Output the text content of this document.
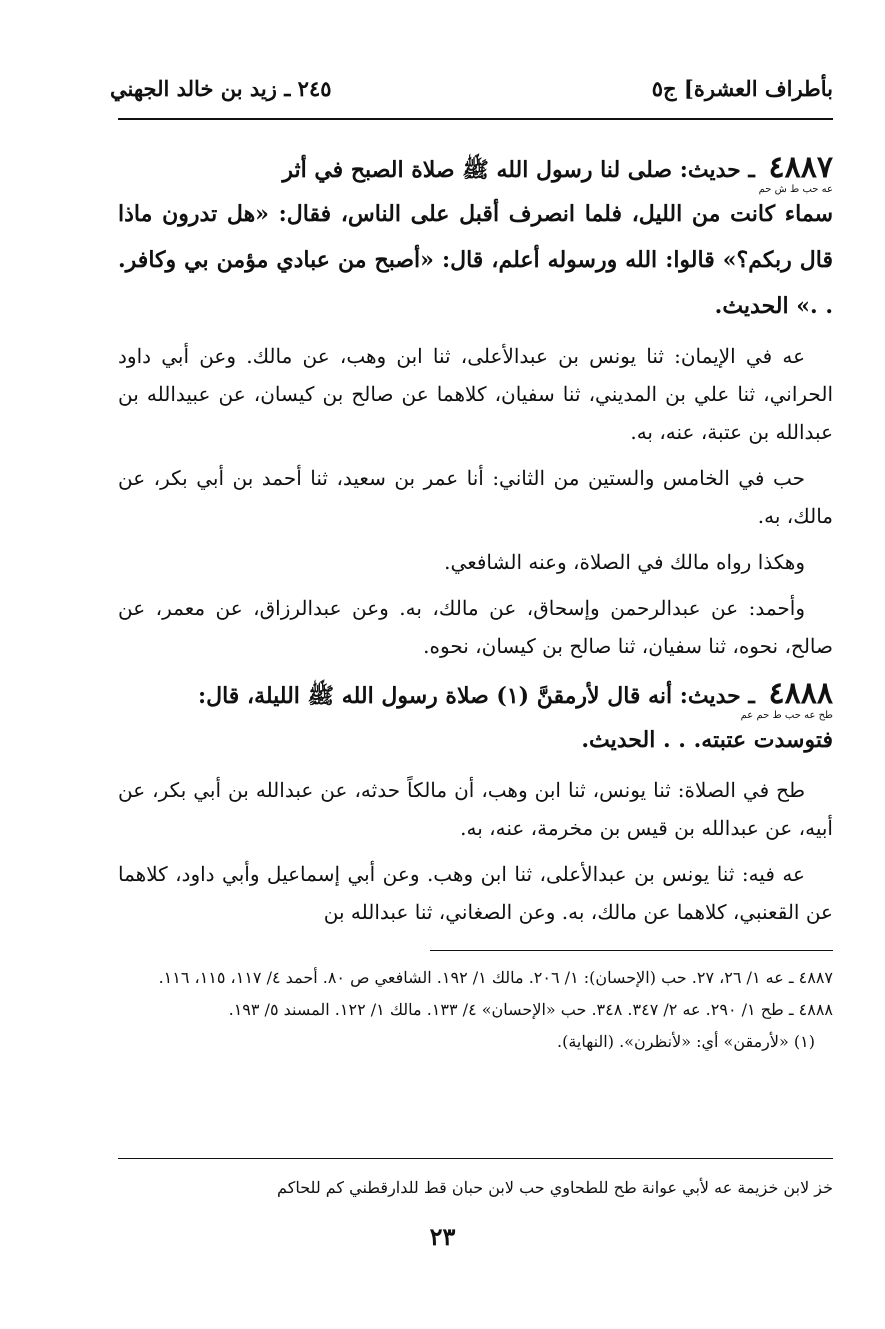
بأطراف العشرة] ج٥
٢٤٥ ـ زيد بن خالد الجهني

٤٨٨٧ ـ حديث: صلى لنا رسول الله ﷺ صلاة الصبح في أثر
عه حب ط ش حم
سماء كانت من الليل، فلما انصرف أقبل على الناس، فقال: «هل تدرون ماذا قال ربكم؟» قالوا: الله ورسوله أعلم، قال: «أصبح من عبادي مؤمن بي وكافر. . .» الحديث.

عه في الإيمان: ثنا يونس بن عبدالأعلى، ثنا ابن وهب، عن مالك. وعن أبي داود الحراني، ثنا علي بن المديني، ثنا سفيان، كلاهما عن صالح بن كيسان، عن عبيدالله بن عبدالله بن عتبة، عنه، به.

حب في الخامس والستين من الثاني: أنا عمر بن سعيد، ثنا أحمد بن أبي بكر، عن مالك، به.

وهكذا رواه مالك في الصلاة، وعنه الشافعي.

وأحمد: عن عبدالرحمن وإسحاق، عن مالك، به. وعن عبدالرزاق، عن معمر، عن صالح، نحوه، ثنا سفيان، ثنا صالح بن كيسان، نحوه.

٤٨٨٨ ـ حديث: أنه قال لأرمقنَّ (١) صلاة رسول الله ﷺ الليلة، قال:
طح عه حب ط حم عم
فتوسدت عتبته. . . الحديث.

طح في الصلاة: ثنا يونس، ثنا ابن وهب، أن مالكاً حدثه، عن عبدالله بن أبي بكر، عن أبيه، عن عبدالله بن قيس بن مخرمة، عنه، به.

عه فيه: ثنا يونس بن عبدالأعلى، ثنا ابن وهب. وعن أبي إسماعيل وأبي داود، كلاهما عن القعنبي، كلاهما عن مالك، به. وعن الصغاني، ثنا عبدالله بن

٤٨٨٧ ـ عه ١/ ٢٦، ٢٧. حب (الإحسان): ١/ ٢٠٦. مالك ١/ ١٩٢. الشافعي ص ٨٠. أحمد ٤/ ١١٧، ١١٥، ١١٦.

٤٨٨٨ ـ طح ١/ ٢٩٠. عه ٢/ ٣٤٧. ٣٤٨. حب «الإحسان» ٤/ ١٣٣. مالك ١/ ١٢٢. المسند ٥/ ١٩٣.

(١) «لأرمقن» أي: «لأنظرن». (النهاية).

خز لابن خزيمة عه لأبي عوانة طح للطحاوي حب لابن حبان قط للدارقطني كم للحاكم
٢٣
